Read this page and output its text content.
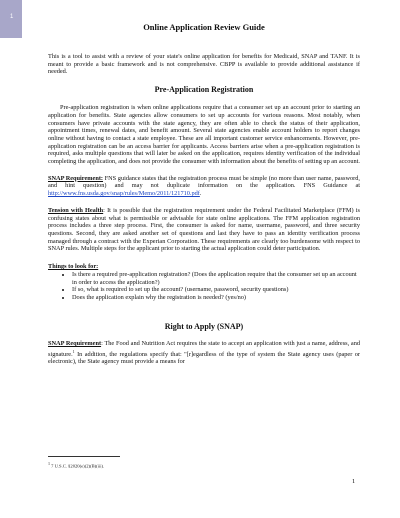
1
Online Application Review Guide

This is a tool to assist with a review of your state's online application for benefits for Medicaid, SNAP and TANF. It is meant to provide a basic framework and is not comprehensive. CBPP is available to provide additional assistance if needed.

Pre-Application Registration

Pre-application registration is when online applications require that a consumer set up an account prior to starting an application for benefits. State agencies allow consumers to set up accounts for various reasons. Most notably, when consumers have private accounts with the state agency, they are often able to check the status of their application, appointment times, renewal dates, and benefit amount. Several state agencies enable account holders to report changes online without having to contact a state employee. These are all important customer service enhancements. However, pre-application registration can be an access barrier for applicants. Access barriers arise when a pre-application registration is required, asks multiple questions that will later be asked on the application, requires identity verification of the individual completing the application, and does not provide the consumer with information about the benefits of setting up an account.

SNAP Requirement: FNS guidance states that the registration process must be simple (no more than user name, password, and hint question) and may not duplicate information on the application. FNS Guidance at http://www.fns.usda.gov/snap/rules/Memo/2011/121710.pdf.

Tension with Health: It is possible that the registration requirement under the Federal Facilitated Marketplace (FFM) is confusing states about what is permissible or advisable for state online applications. The FFM application registration process includes a three step process. First, the consumer is asked for name, username, password, and three security questions. Second, they are asked another set of questions and last they have to pass an identity verification process managed through a contract with the Experian Corporation. These requirements are clearly too burdensome with respect to SNAP rules. Multiple steps for the applicant prior to starting the actual application could deter participation.

Things to look for:
• Is there a required pre-application registration? (Does the application require that the consumer set up an account in order to access the application?)
• If so, what is required to set up the account? (username, password, security questions)
• Does the application explain why the registration is needed? (yes/no)
Right to Apply (SNAP)

SNAP Requirement: The Food and Nutrition Act requires the state to accept an application with just a name, address, and signature.$^1$ In addition, the regulations specify that: "[r]egardless of the type of system the State agency uses (paper or electronic), the State agency must provide a means for

$^1$ 7 U.S.C. §2020(e)(2)(B)(iii).
1
